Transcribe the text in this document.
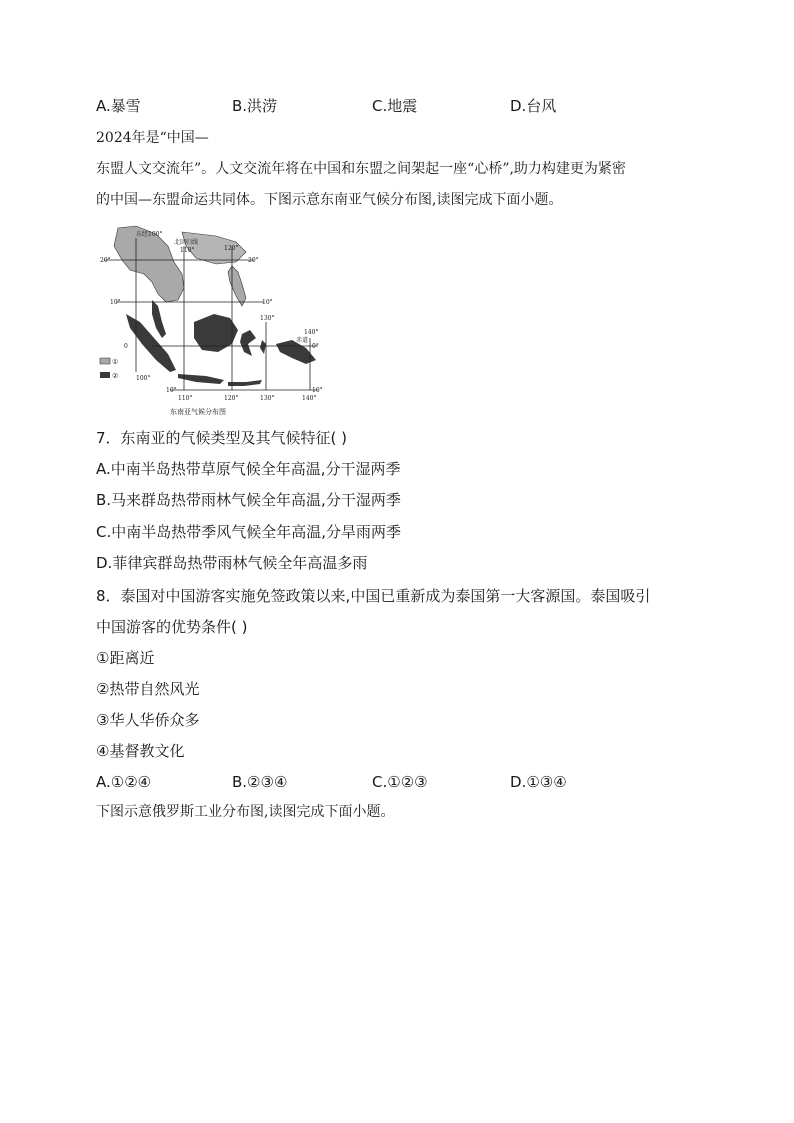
A.暴雪	B.洪涝	C.地震	D.台风
2024年是“中国—
东盟人文交流年”。人文交流年将在中国和东盟之间架起一座“心桥”,助力构建更为紧密
的中国—东盟命运共同体。下图示意东南亚气候分布图,读图完成下面小题。
东经100°
北回归线
110°	120°
20°	20°
10°	10°
130°
140°
0	0°
赤道
100°
10°
110°	120°	130°	140°
10°
①
②
东南亚气候分布图
7．东南亚的气候类型及其气候特征( )
A.中南半岛热带草原气候全年高温,分干湿两季
B.马来群岛热带雨林气候全年高温,分干湿两季
C.中南半岛热带季风气候全年高温,分旱雨两季
D.菲律宾群岛热带雨林气候全年高温多雨
8．泰国对中国游客实施免签政策以来,中国已重新成为泰国第一大客源国。泰国吸引
中国游客的优势条件( )
①距离近
②热带自然风光
③华人华侨众多
④基督教文化
A.①②④	B.②③④	C.①②③	D.①③④
下图示意俄罗斯工业分布图,读图完成下面小题。
